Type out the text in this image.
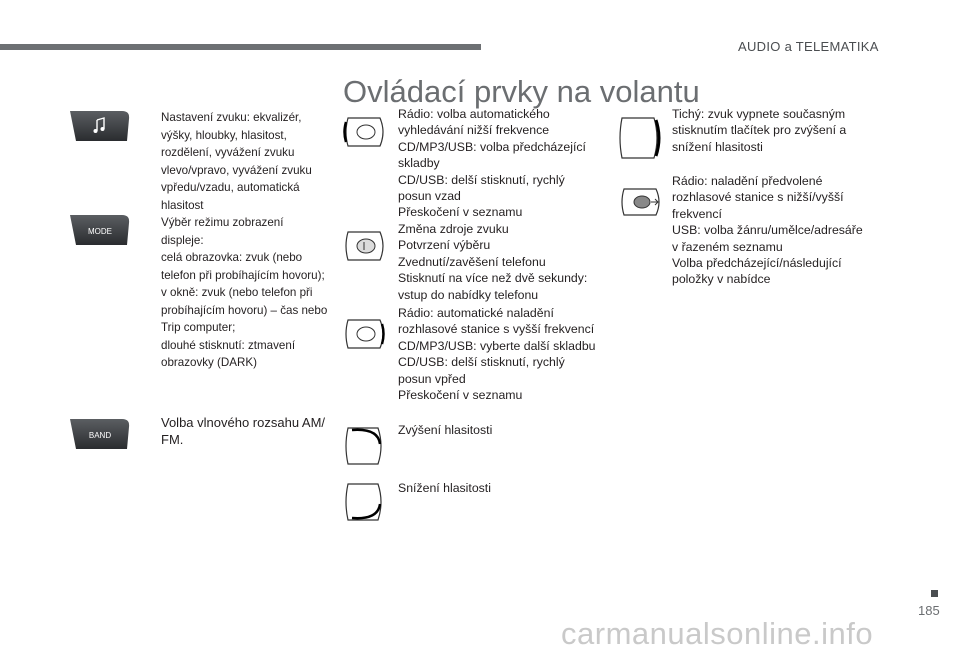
AUDIO a TELEMATIKA
Ovládací prvky na volantu
Nastavení zvuku: ekvalizér,
výšky, hloubky, hlasitost,
rozdělení, vyvážení zvuku
vlevo/vpravo, vyvážení zvuku
vpředu/vzadu, automatická
hlasitost
MODE
Výběr režimu zobrazení
displeje:
celá obrazovka: zvuk (nebo
telefon při probíhajícím hovoru);
v okně: zvuk (nebo telefon při
probíhajícím hovoru) – čas nebo
Trip computer;
dlouhé stisknutí: ztmavení
obrazovky (DARK)
BAND
Volba vlnového rozsahu AM/
FM.
Rádio: volba automatického
vyhledávání nižší frekvence
CD/MP3/USB: volba předcházející
skladby
CD/USB: delší stisknutí, rychlý
posun vzad
Přeskočení v seznamu
Změna zdroje zvuku
Potvrzení výběru
Zvednutí/zavěšení telefonu
Stisknutí na více než dvě sekundy:
vstup do nabídky telefonu
Rádio: automatické naladění
rozhlasové stanice s vyšší frekvencí
CD/MP3/USB: vyberte další skladbu
CD/USB: delší stisknutí, rychlý
posun vpřed
Přeskočení v seznamu
Zvýšení hlasitosti
Snížení hlasitosti
Tichý: zvuk vypnete současným
stisknutím tlačítek pro zvýšení a
snížení hlasitosti
Rádio: naladění předvolené
rozhlasové stanice s nižší/vyšší
frekvencí
USB: volba žánru/umělce/adresáře
v řazeném seznamu
Volba předcházející/následující
položky v nabídce
185
carmanualsonline.info
